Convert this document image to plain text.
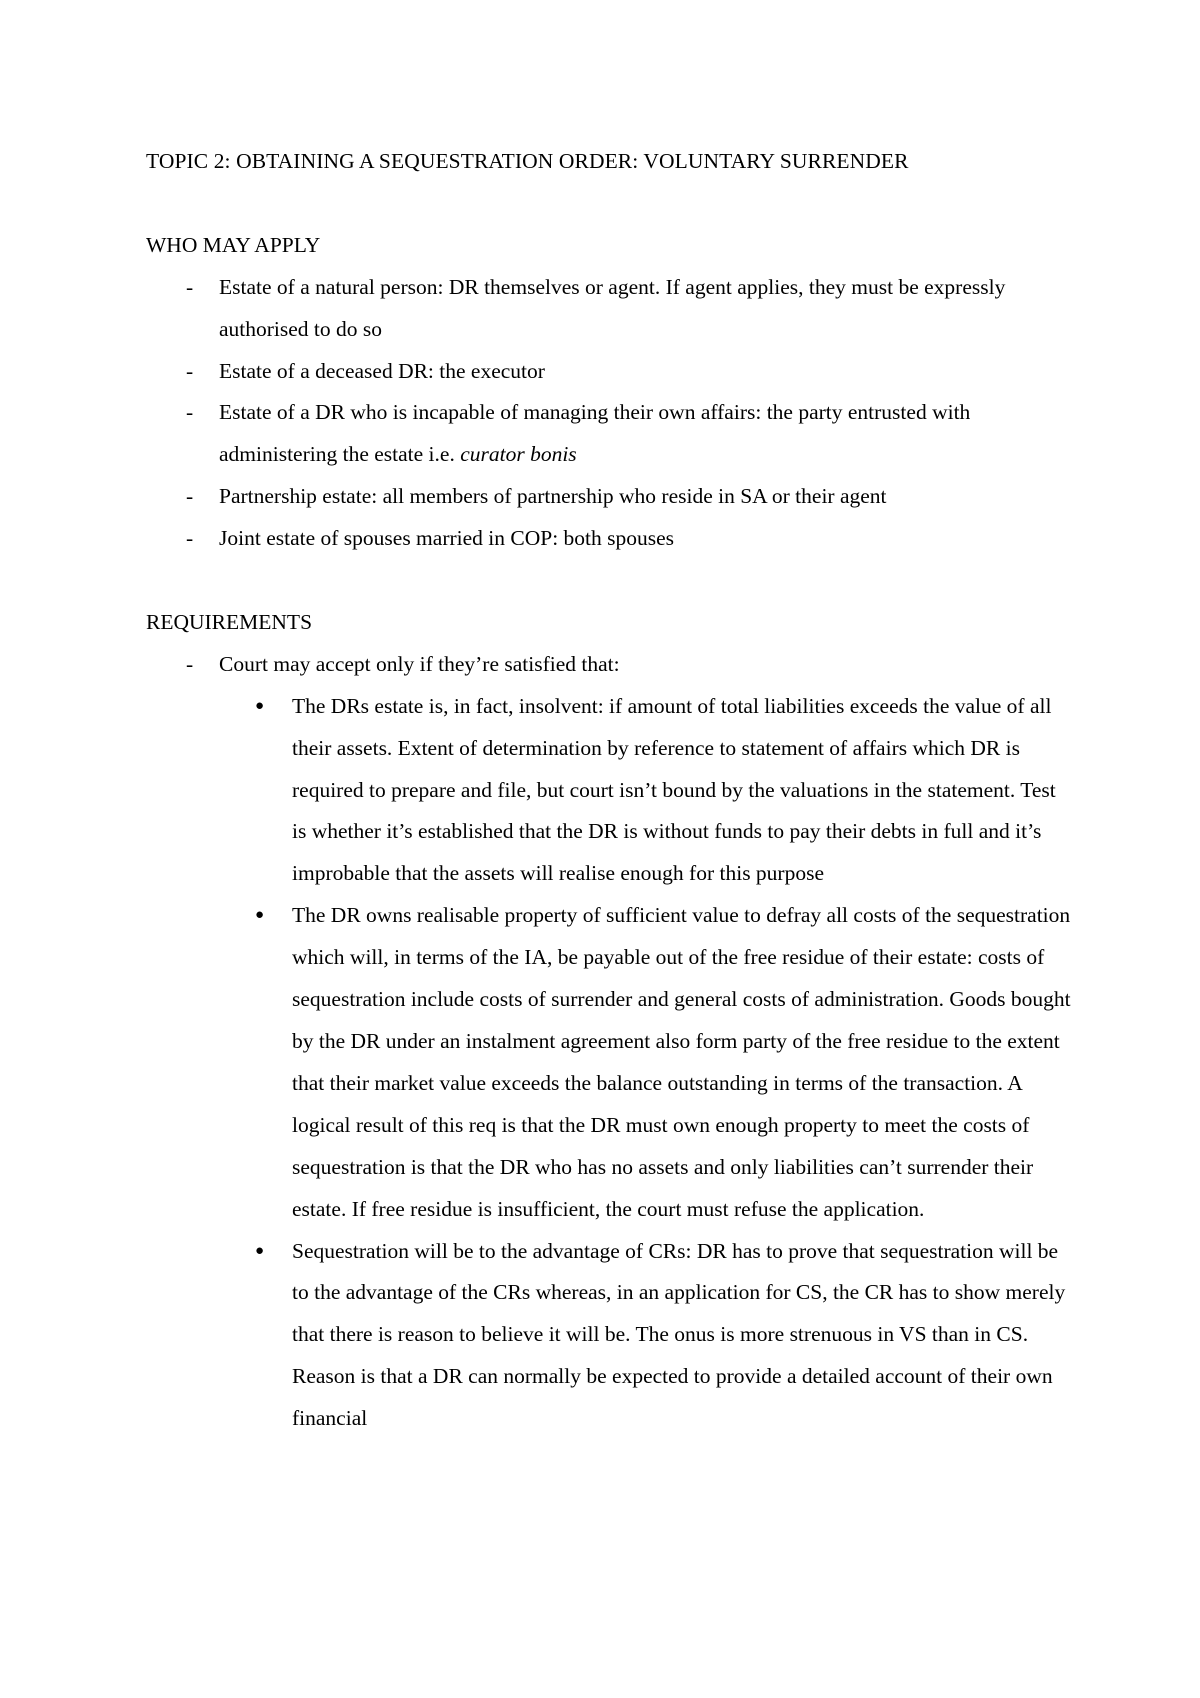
TOPIC 2: OBTAINING A SEQUESTRATION ORDER: VOLUNTARY SURRENDER

WHO MAY APPLY

- Estate of a natural person: DR themselves or agent. If agent applies, they must be expressly authorised to do so
- Estate of a deceased DR: the executor
- Estate of a DR who is incapable of managing their own affairs: the party entrusted with administering the estate i.e. curator bonis
- Partnership estate: all members of partnership who reside in SA or their agent
- Joint estate of spouses married in COP: both spouses

REQUIREMENTS

- Court may accept only if they’re satisfied that:
● The DRs estate is, in fact, insolvent: if amount of total liabilities exceeds the value of all their assets. Extent of determination by reference to statement of affairs which DR is required to prepare and file, but court isn’t bound by the valuations in the statement. Test is whether it’s established that the DR is without funds to pay their debts in full and it’s improbable that the assets will realise enough for this purpose
● The DR owns realisable property of sufficient value to defray all costs of the sequestration which will, in terms of the IA, be payable out of the free residue of their estate: costs of sequestration include costs of surrender and general costs of administration. Goods bought by the DR under an instalment agreement also form party of the free residue to the extent that their market value exceeds the balance outstanding in terms of the transaction. A logical result of this req is that the DR must own enough property to meet the costs of sequestration is that the DR who has no assets and only liabilities can’t surrender their estate. If free residue is insufficient, the court must refuse the application.
● Sequestration will be to the advantage of CRs: DR has to prove that sequestration will be to the advantage of the CRs whereas, in an application for CS, the CR has to show merely that there is reason to believe it will be. The onus is more strenuous in VS than in CS. Reason is that a DR can normally be expected to provide a detailed account of their own financial
